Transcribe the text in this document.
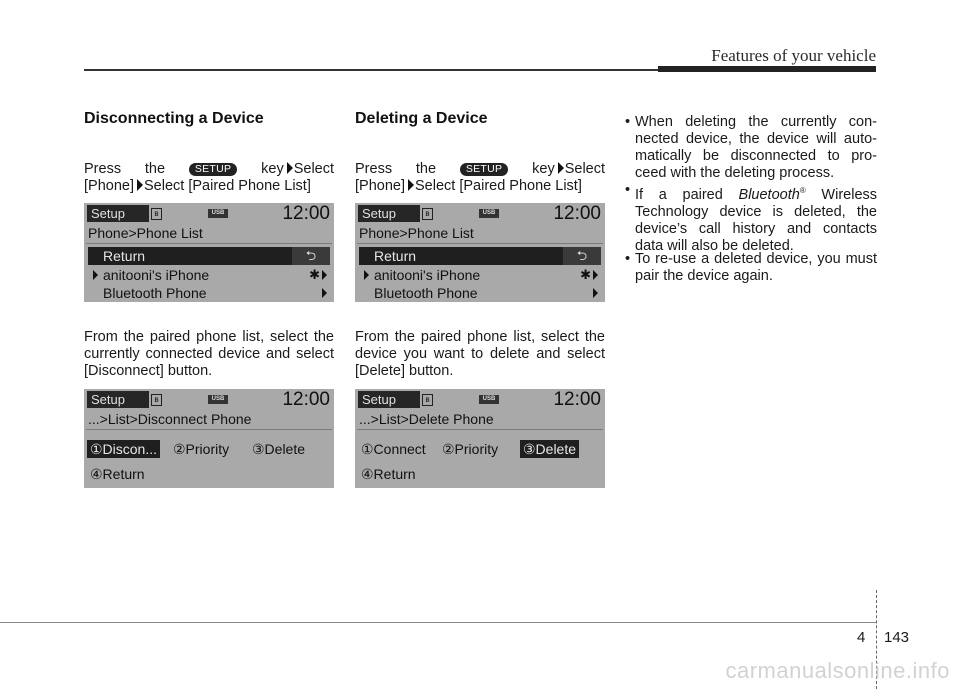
Features of your vehicle
Disconnecting a Device

Press the	SETUP key Select

[Phone] Select [Paired Phone List]

Setup	ʙ	USB	12:00
Phone>Phone List
Return	⮌
anitooni's iPhone	✱
Bluetooth Phone

From the paired phone list, select the currently connected device and select [Disconnect] button.

Setup	ʙ	USB	12:00
...>List>Disconnect Phone
①Discon... ②Priority ③Delete
④Return
Deleting a Device

Press the	SETUP key Select

[Phone] Select [Paired Phone List]

Setup	ʙ	USB	12:00
Phone>Phone List
Return	⮌
anitooni's iPhone	✱
Bluetooth Phone

From the paired phone list, select the device you want to delete and select [Delete] button.

Setup	ʙ	USB	12:00
...>List>Delete Phone
①Connect ②Priority ③Delete
④Return

• When deleting the currently con- nected device, the device will auto- matically be disconnected to pro- ceed with the deleting process.

• If a paired Bluetooth® Wireless Technology device is deleted, the device’s call history and contacts data will also be deleted.

• To re-use a deleted device, you must pair the device again.

4 143
carmanualsonline.info
